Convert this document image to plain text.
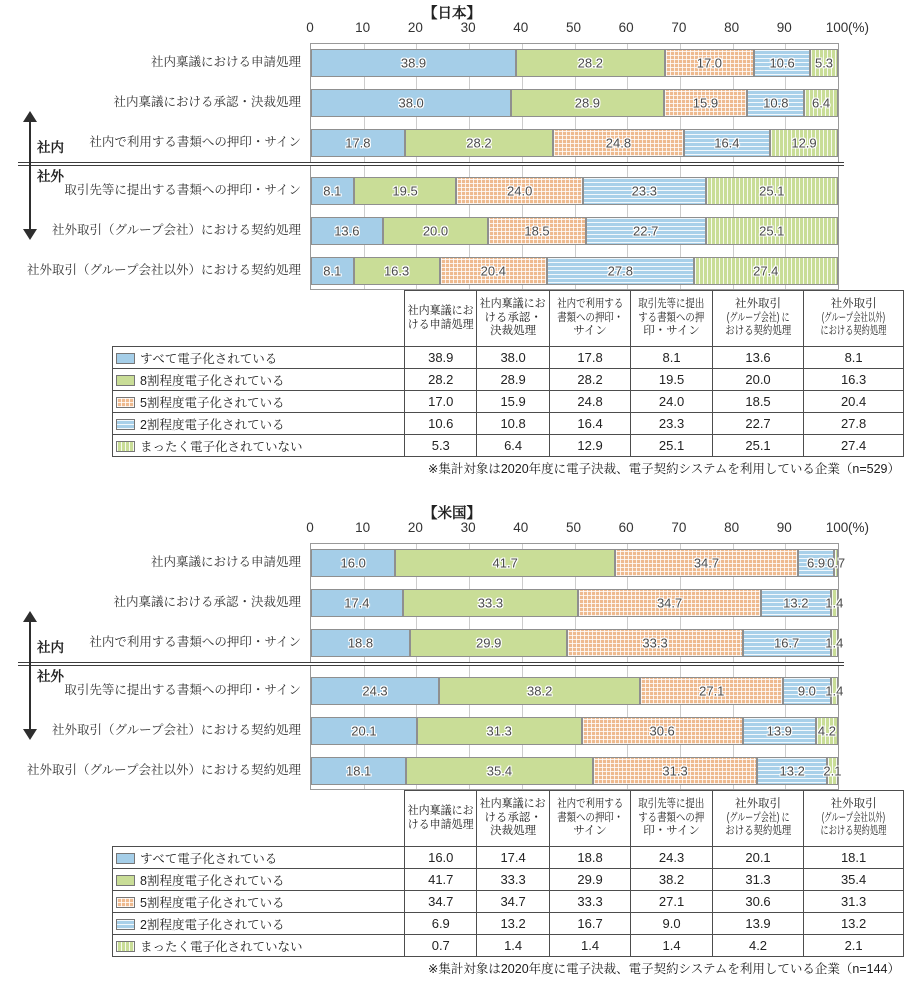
【日本】
0	10	20	30	40	50	60	70	80	90	100 (%)
38.9	28.2	17.0	10.6 5.3
38.0	28.9	15.9	10.8 6.4
17.8	28.2	24.8	16.4	12.9
8.1	19.5	24.0	23.3	25.1
13.6	20.0	18.5	22.7	25.1
8.1	16.3	20.4	27.8	27.4
社内稟議における申請処理
社内稟議における承認・決裁処理
社内で利用する書類への押印・サイン
取引先等に提出する書類への押印・サイン
社外取引（グループ会社）における契約処理
社外取引（グループ会社以外）における契約処理
社内
社外

社内稟議にお
ける申請処理

社内稟議にお
ける承認・
決裁処理

社内で利用する
書類への押印・
サイン

取引先等に提出
する書類への押
印・サイン

社外取引
(グループ会社) に
おける契約処理

社外取引
(グループ会社以外)
における契約処理

すべて電子化されている	38.9	38.0	17.8	8.1	13.6	8.1
8割程度電子化されている	28.2	28.9	28.2	19.5	20.0	16.3
5割程度電子化されている	17.0	15.9	24.8	24.0	18.5	20.4
2割程度電子化されている	10.6	10.8	16.4	23.3	22.7	27.8
まったく電子化されていない	5.3	6.4	12.9	25.1	25.1	27.4
※集計対象は2020年度に電子決裁、電子契約システムを利用している企業（n=529）
【米国】
0	10	20	30	40	50	60	70	80	90	100 (%)
16.0	41.7	34.7	6.9 0.7
17.4	33.3	34.7	13.2 1.4
18.8	29.9	33.3	16.7 1.4
24.3	38.2	27.1	9.0 1.4
20.1	31.3	30.6	13.9 4.2
18.1	35.4	31.3	13.2 2.1
社内稟議における申請処理
社内稟議における承認・決裁処理
社内で利用する書類への押印・サイン
取引先等に提出する書類への押印・サイン
社外取引（グループ会社）における契約処理
社外取引（グループ会社以外）における契約処理
社内
社外

社内稟議にお
ける申請処理

社内稟議にお
ける承認・
決裁処理

社内で利用する
書類への押印・
サイン

取引先等に提出
する書類への押
印・サイン

社外取引
(グループ会社) に
おける契約処理

社外取引
(グループ会社以外)
における契約処理

すべて電子化されている	16.0	17.4	18.8	24.3	20.1	18.1
8割程度電子化されている	41.7	33.3	29.9	38.2	31.3	35.4
5割程度電子化されている	34.7	34.7	33.3	27.1	30.6	31.3
2割程度電子化されている	6.9	13.2	16.7	9.0	13.9	13.2
まったく電子化されていない	0.7	1.4	1.4	1.4	4.2	2.1
※集計対象は2020年度に電子決裁、電子契約システムを利用している企業（n=144）
